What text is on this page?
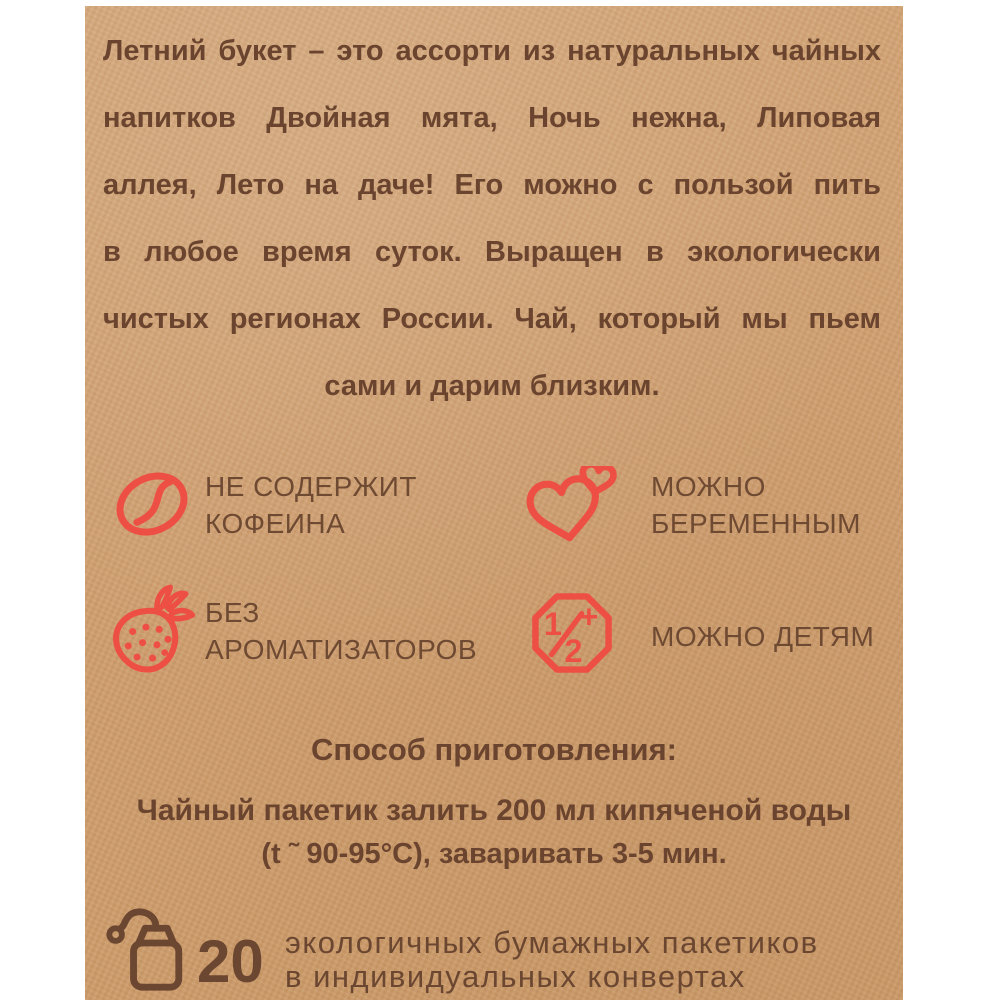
Летний букет – это ассорти из натуральных чайных
напитков Двойная мята, Ночь нежна, Липовая
аллея, Лето на даче! Его можно с пользой пить
в любое время суток. Выращен в экологически
чистых регионах России. Чай, который мы пьем
сами и дарим близким.
НЕ СОДЕРЖИТ
КОФЕИНА
МОЖНО
БЕРЕМЕННЫМ
БЕЗ
АРОМАТИЗАТОРОВ
1
2
+
МОЖНО ДЕТЯМ
Способ приготовления:
Чайный пакетик залить 200 мл кипяченой воды
(t ˜ 90-95°C), заваривать 3-5 мин.
20 экологичных бумажных пакетиков
в индивидуальных конвертах
